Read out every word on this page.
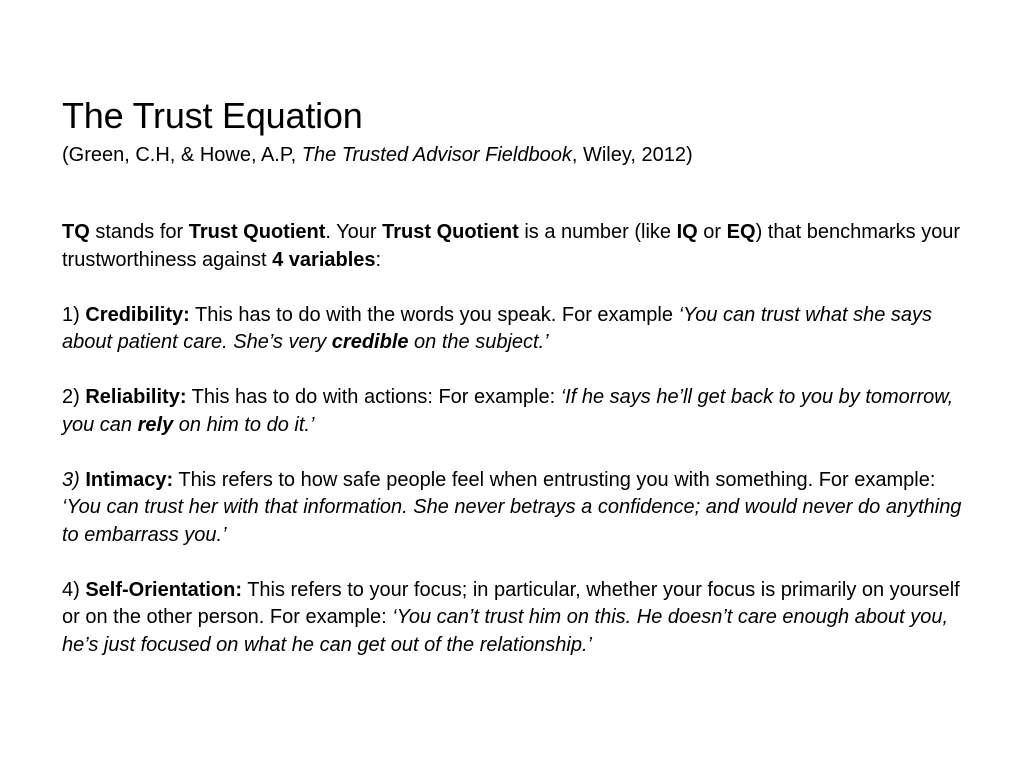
The Trust Equation
(Green, C.H, & Howe, A.P, The Trusted Advisor Fieldbook, Wiley, 2012)

TQ stands for Trust Quotient. Your Trust Quotient is a number (like IQ or EQ) that benchmarks your trustworthiness against 4 variables:

1) Credibility: This has to do with the words you speak. For example ‘You can trust what she says about patient care. She’s very credible on the subject.’

2) Reliability: This has to do with actions: For example: ‘If he says he’ll get back to you by tomorrow, you can rely on him to do it.’

3) Intimacy: This refers to how safe people feel when entrusting you with something. For example: ‘You can trust her with that information. She never betrays a confidence; and would never do anything to embarrass you.’

4) Self-Orientation: This refers to your focus; in particular, whether your focus is primarily on yourself or on the other person. For example: ‘You can’t trust him on this. He doesn’t care enough about you, he’s just focused on what he can get out of the relationship.’
